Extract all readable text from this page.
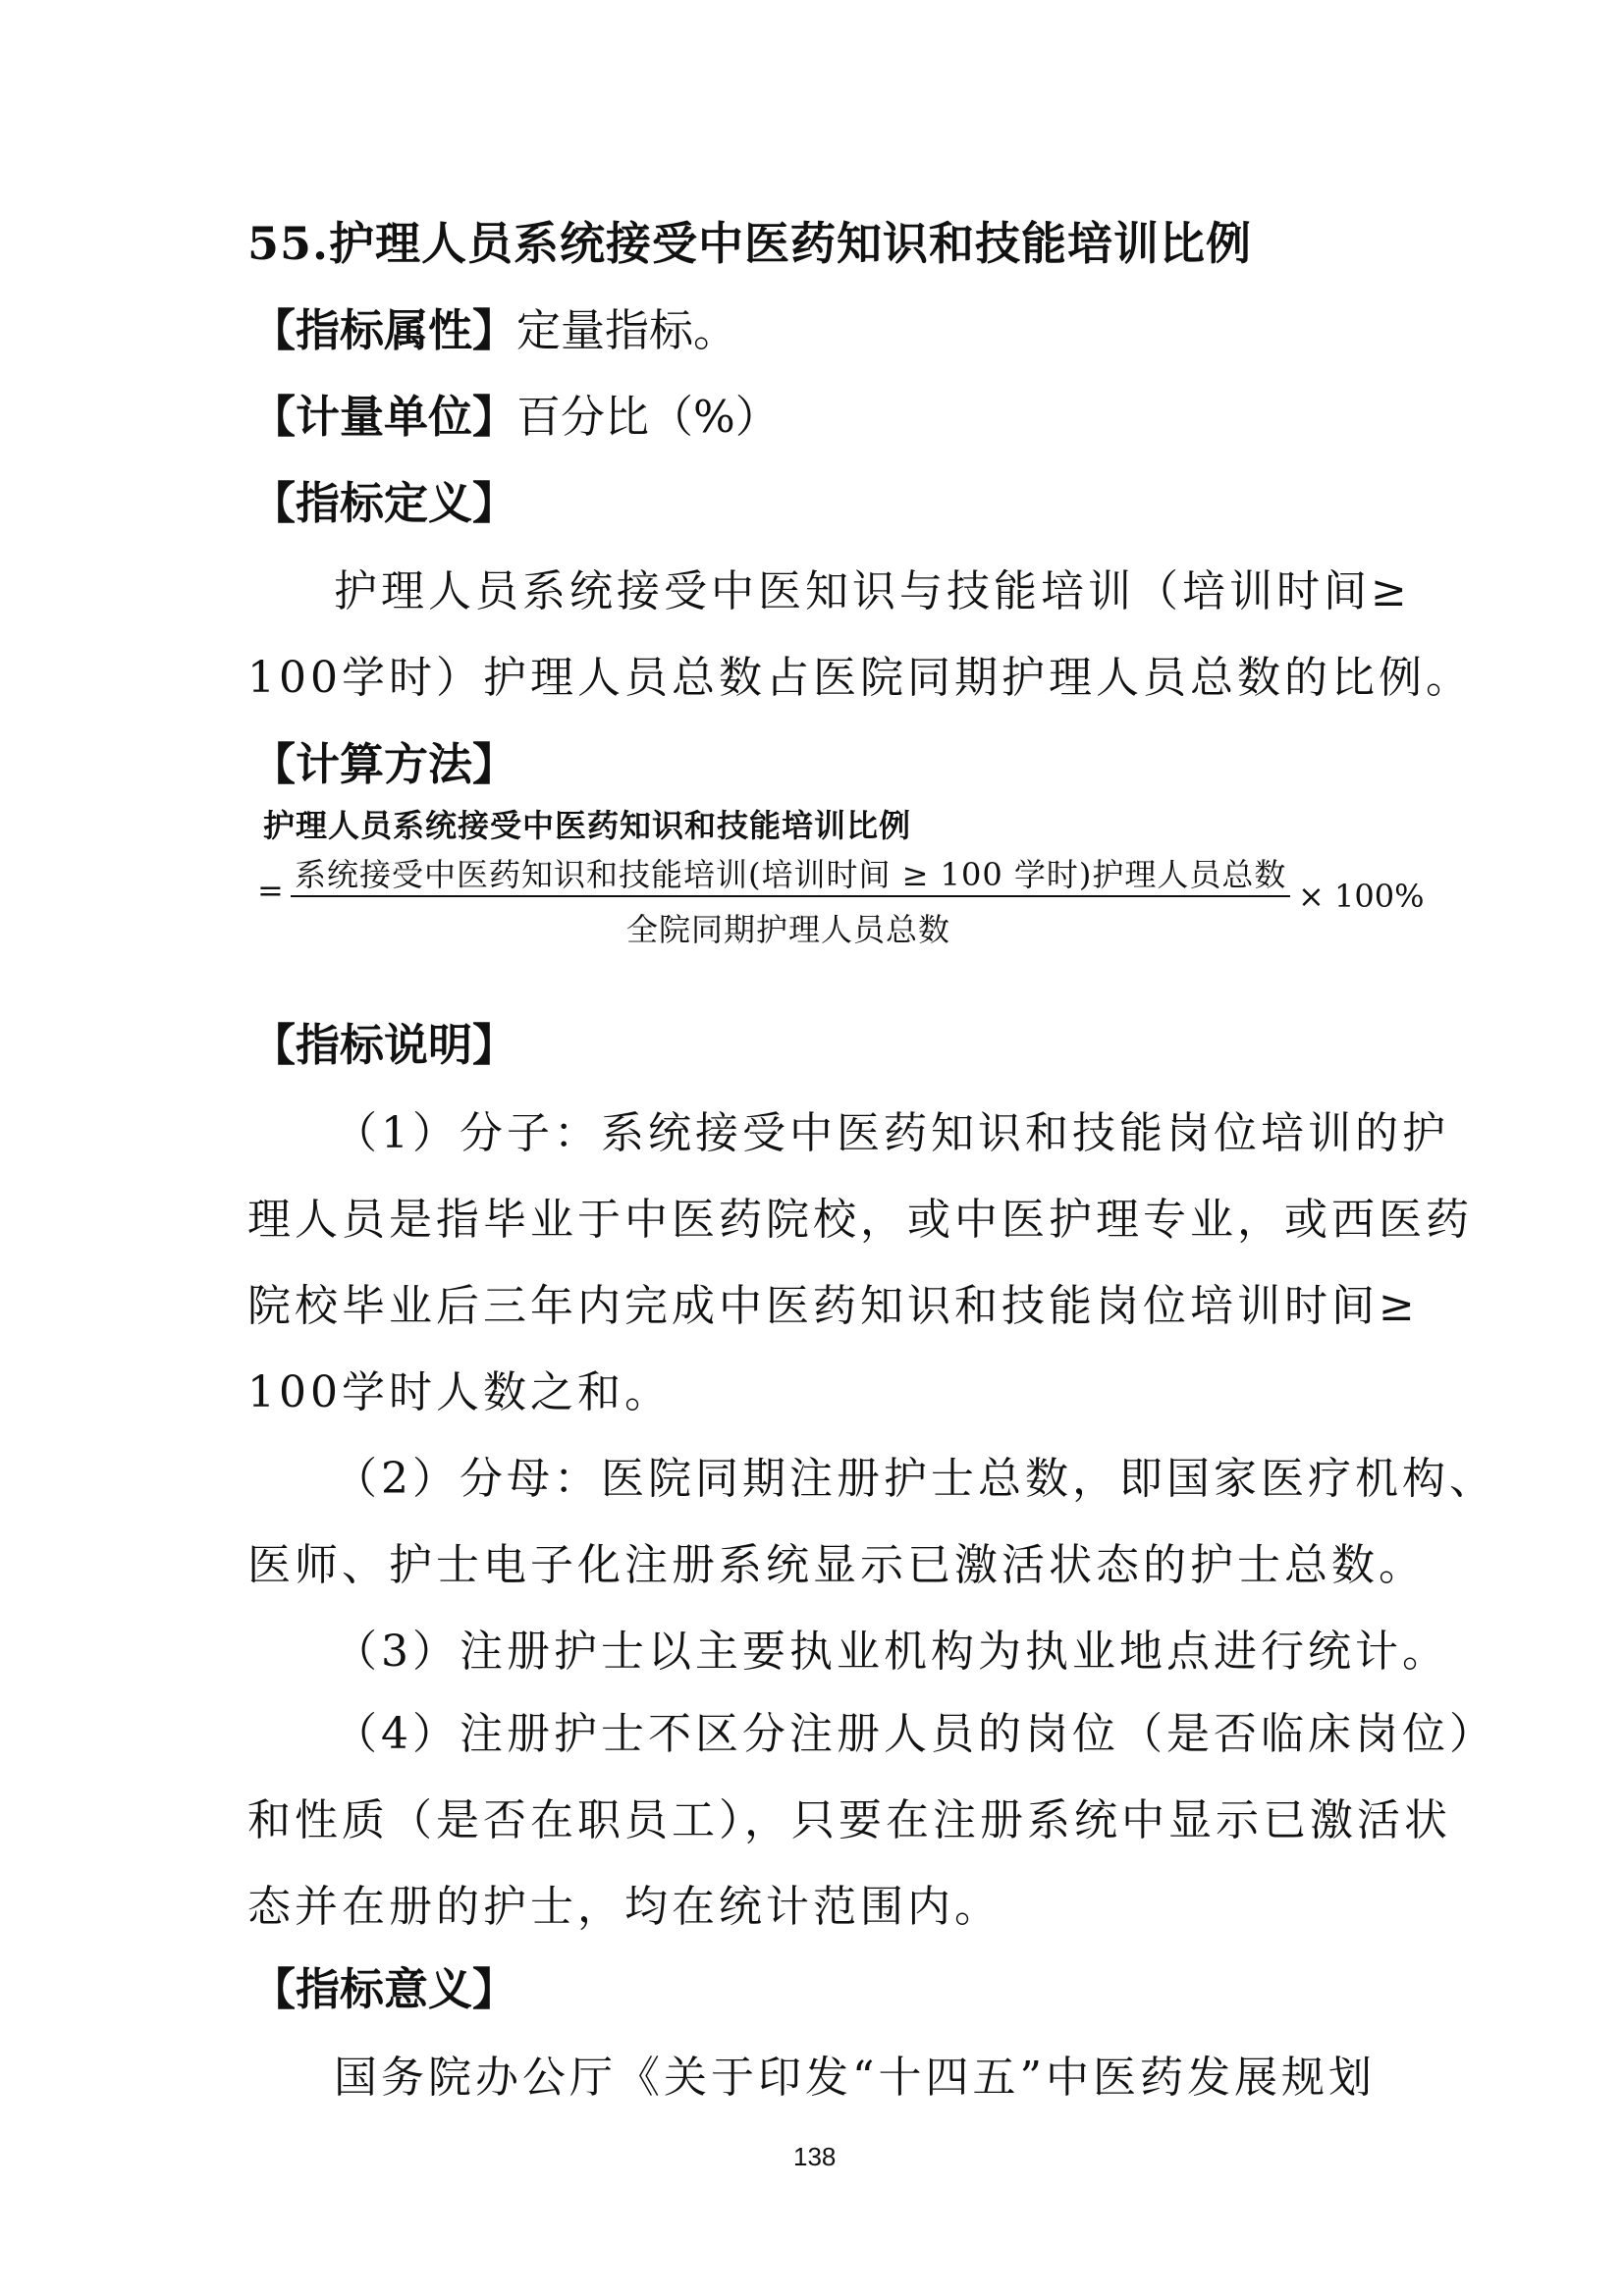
55.护理人员系统接受中医药知识和技能培训比例
【指标属性】定量指标。
【计量单位】百分比（%）
【指标定义】
护理人员系统接受中医知识与技能培训（培训时间≥
100学时）护理人员总数占医院同期护理人员总数的比例。
【计算方法】
护理人员系统接受中医药知识和技能培训比例
= 系统接受中医药知识和技能培训(培训时间 ≥ 100 学时)护理人员总数
全院同期护理人员总数
× 100%
【指标说明】
（1）分子：系统接受中医药知识和技能岗位培训的护
理人员是指毕业于中医药院校，或中医护理专业，或西医药
院校毕业后三年内完成中医药知识和技能岗位培训时间≥
100学时人数之和。
（2）分母：医院同期注册护士总数，即国家医疗机构、
医师、护士电子化注册系统显示已激活状态的护士总数。
（3）注册护士以主要执业机构为执业地点进行统计。
（4）注册护士不区分注册人员的岗位（是否临床岗位）
和性质（是否在职员工），只要在注册系统中显示已激活状
态并在册的护士，均在统计范围内。
【指标意义】
国务院办公厅《关于印发“十四五”中医药发展规划
138
